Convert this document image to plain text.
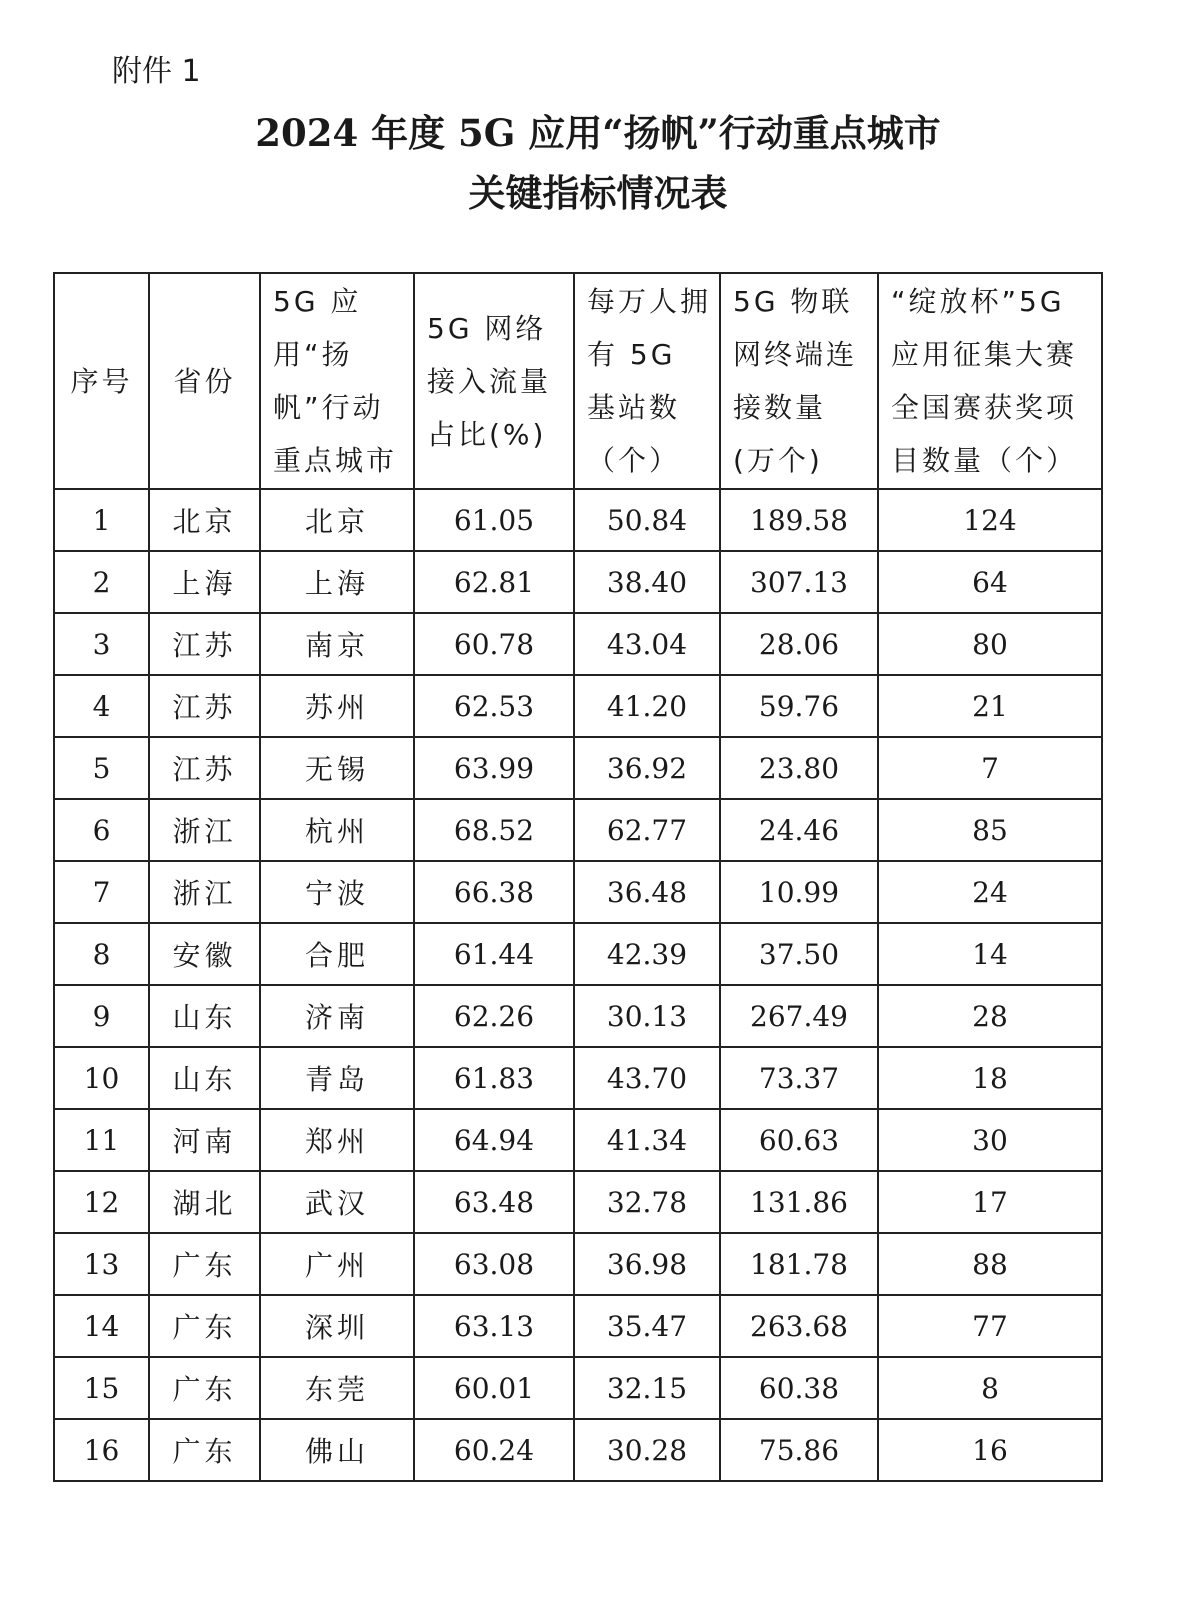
附件 1
2024 年度 5G 应用“扬帆”行动重点城市
关键指标情况表
序号	省份	5G 应用“扬帆”行动重点城市	5G 网络接入流量占比(%)	每万人拥有 5G 基站数（个）	5G 物联网终端连接数量(万个)	“绽放杯”5G 应用征集大赛全国赛获奖项目数量（个）
1	北京	北京	61.05	50.84	189.58	124
2	上海	上海	62.81	38.40	307.13	64
3	江苏	南京	60.78	43.04	28.06	80
4	江苏	苏州	62.53	41.20	59.76	21
5	江苏	无锡	63.99	36.92	23.80	7
6	浙江	杭州	68.52	62.77	24.46	85
7	浙江	宁波	66.38	36.48	10.99	24
8	安徽	合肥	61.44	42.39	37.50	14
9	山东	济南	62.26	30.13	267.49	28
10	山东	青岛	61.83	43.70	73.37	18
11	河南	郑州	64.94	41.34	60.63	30
12	湖北	武汉	63.48	32.78	131.86	17
13	广东	广州	63.08	36.98	181.78	88
14	广东	深圳	63.13	35.47	263.68	77
15	广东	东莞	60.01	32.15	60.38	8
16	广东	佛山	60.24	30.28	75.86	16
